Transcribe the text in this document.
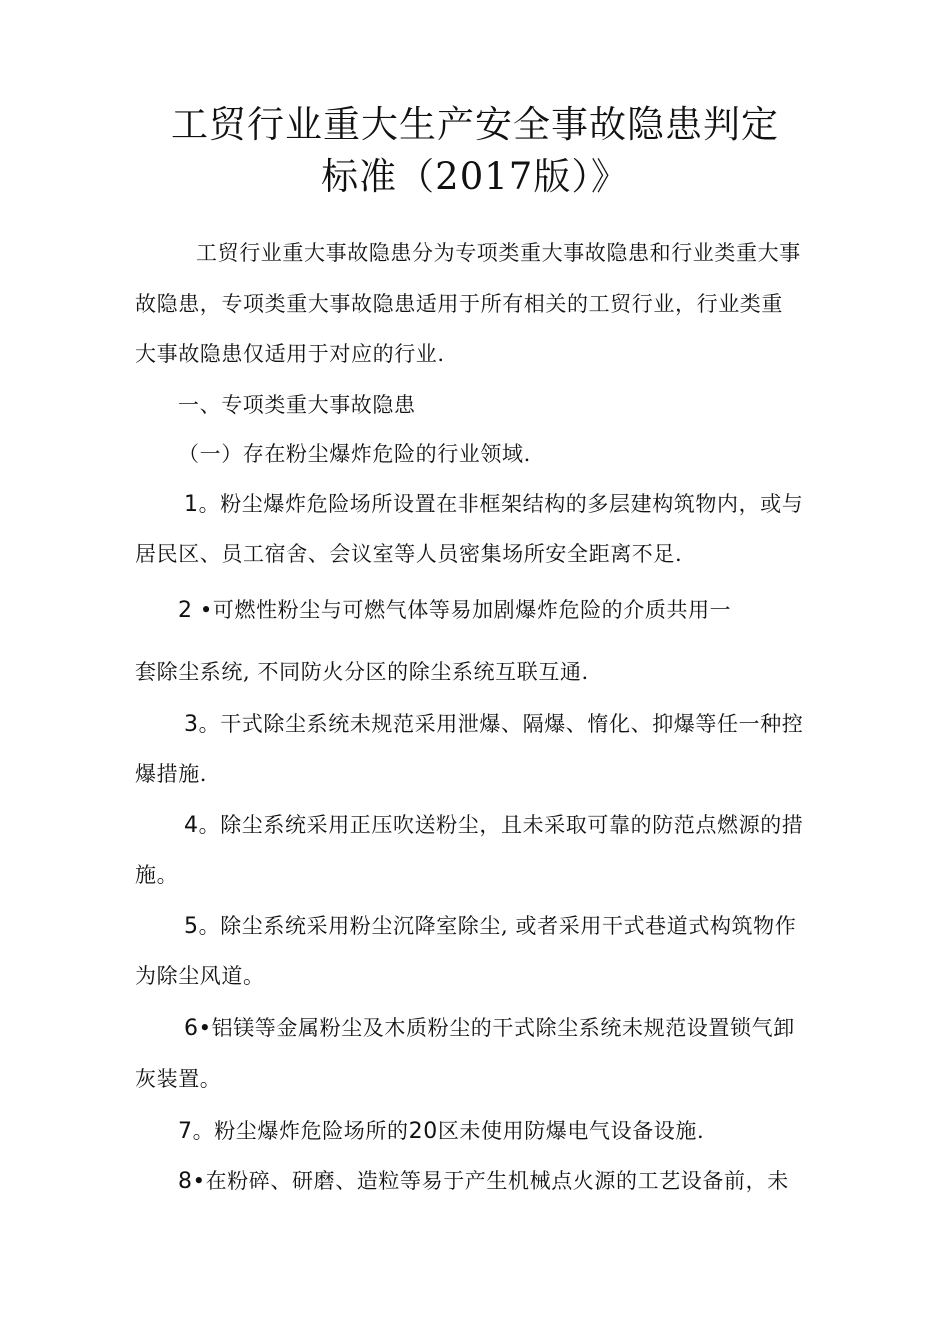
工贸行业重大生产安全事故隐患判定
标准（2017版）》
工贸行业重大事故隐患分为专项类重大事故隐患和行业类重大事
故隐患，专项类重大事故隐患适用于所有相关的工贸行业，行业类重
大事故隐患仅适用于对应的行业.
一、专项类重大事故隐患
（一）存在粉尘爆炸危险的行业领域.
1。粉尘爆炸危险场所设置在非框架结构的多层建构筑物内，或与
居民区、员工宿舍、会议室等人员密集场所安全距离不足.
2 •可燃性粉尘与可燃气体等易加剧爆炸危险的介质共用一
套除尘系统, 不同防火分区的除尘系统互联互通.
3。干式除尘系统未规范采用泄爆、隔爆、惰化、抑爆等任一种控
爆措施.
4。除尘系统采用正压吹送粉尘，且未采取可靠的防范点燃源的措
施。
5。除尘系统采用粉尘沉降室除尘, 或者采用干式巷道式构筑物作
为除尘风道。
6•铝镁等金属粉尘及木质粉尘的干式除尘系统未规范设置锁气卸
灰装置。
7。粉尘爆炸危险场所的20区未使用防爆电气设备设施.
8•在粉碎、研磨、造粒等易于产生机械点火源的工艺设备前，未
